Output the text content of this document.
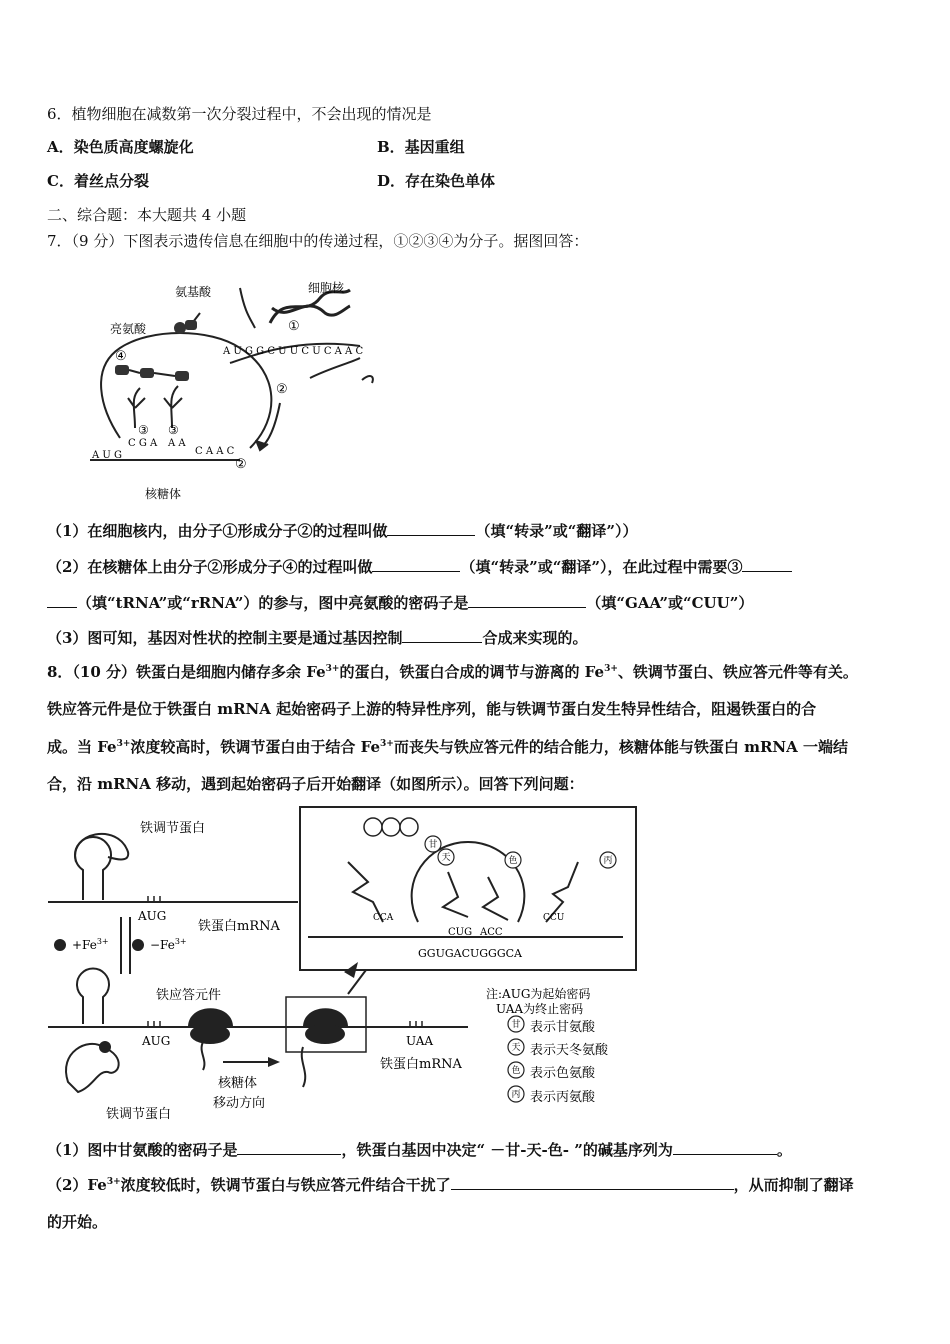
6．植物细胞在减数第一次分裂过程中，不会出现的情况是
A．染色质高度螺旋化	B．基因重组
C．着丝点分裂	D．存在染色单体
二、综合题：本大题共 4 小题
7．（9 分）下图表示遗传信息在细胞中的传递过程，①②③④为分子。据图回答：
氨基酸	细胞核
亮氨酸
核糖体
A U G G C U U C U C A A C
A U G	C A A C
C G A A A
①
②
②
③ ③
④
（1）在细胞核内，由分子①形成分子②的过程叫做	（填“转录”或“翻译”））
（2）在核糖体上由分子②形成分子④的过程叫做	（填“转录”或“翻译”），在此过程中需要③
（填“tRNA”或“rRNA”）的参与，图中亮氨酸的密码子是	（填“GAA”或“CUU”）
（3）图可知，基因对性状的控制主要是通过基因控制	合成来实现的。
8．（10 分）铁蛋白是细胞内储存多余 $Fe^{3+}$的蛋白，铁蛋白合成的调节与游离的 $Fe^{3+}$、铁调节蛋白、铁应答元件等有关。
铁应答元件是位于铁蛋白 mRNA 起始密码子上游的特异性序列，能与铁调节蛋白发生特异性结合，阻遏铁蛋白的合
成。当 $Fe^{3+}$浓度较高时，铁调节蛋白由于结合 $Fe^{3+}$而丧失与铁应答元件的结合能力，核糖体能与铁蛋白 mRNA 一端结
合，沿 mRNA 移动，遇到起始密码子后开始翻译（如图所示）。回答下列问题：
甘
天	色	丙
甘
天
色
丙
铁调节蛋白
AUG
铁蛋白mRNA
$+Fe^{3+}$	$-Fe^{3+}$
铁应答元件
AUG	UAA
铁蛋白mRNA
核糖体
移动方向
铁调节蛋白
GGUGACUGGGCA
CUG ACC
CCA	CCU
注:AUG为起始密码
UAA为终止密码
表示甘氨酸
表示天冬氨酸
表示色氨酸
表示丙氨酸
（1）图中甘氨酸的密码子是	，铁蛋白基因中决定“ －甘-天-色- ”的碱基序列为	。
$(2)Fe^{3+}$浓度较低时，铁调节蛋白与铁应答元件结合干扰了	，从而抑制了翻译
的开始。
